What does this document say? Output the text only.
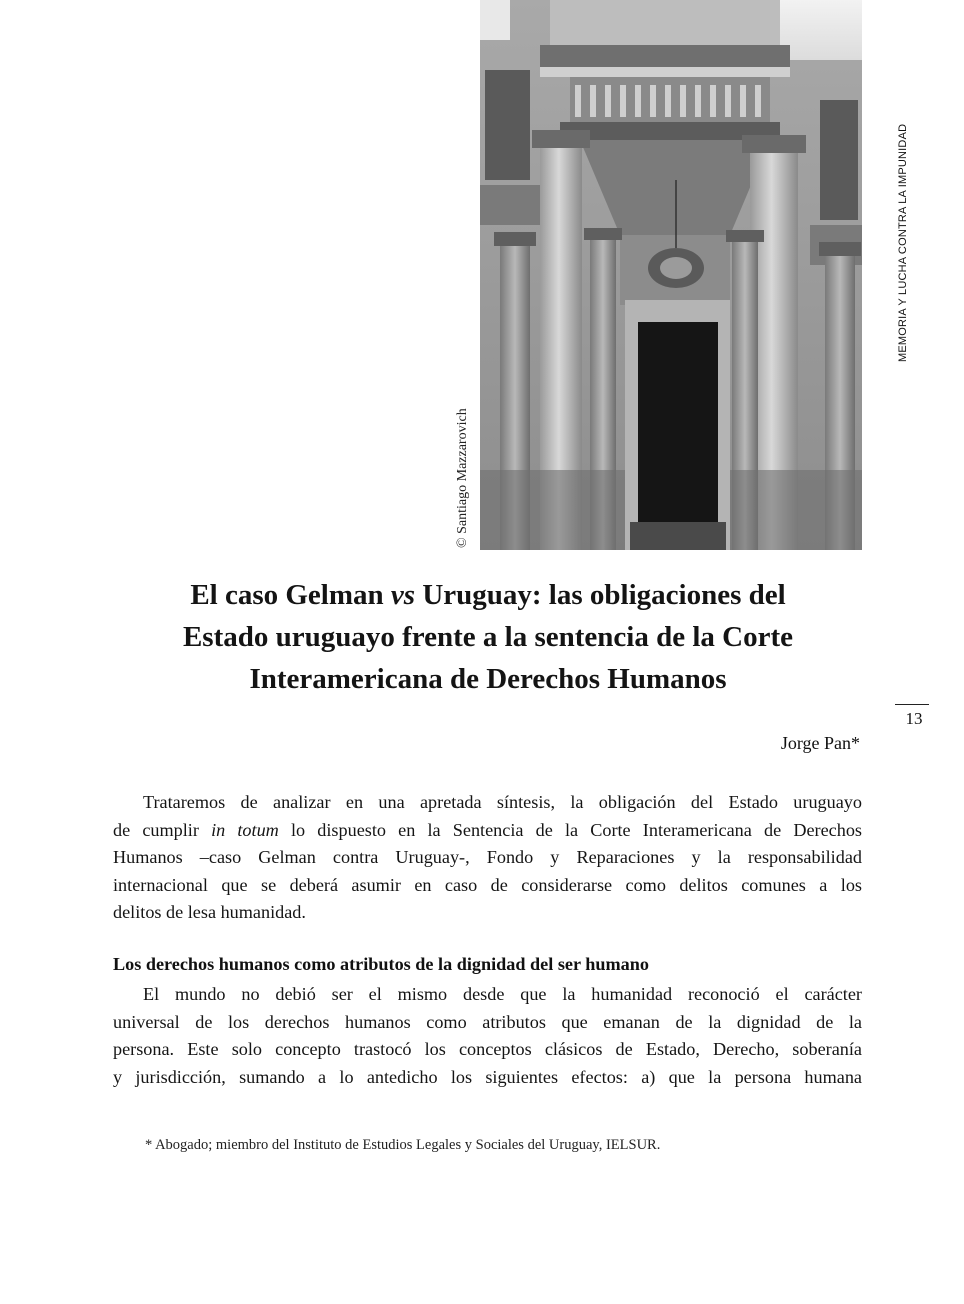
© Santiago Mazzarovich
MEMORIA Y LUCHA CONTRA LA IMPUNIDAD
13
El caso Gelman vs Uruguay: las obligaciones del
Estado uruguayo frente a la sentencia de la Corte
Interamericana de Derechos Humanos
Jorge Pan*
Trataremos de analizar en una apretada síntesis, la obligación del Estado uruguayo
de cumplir in totum lo dispuesto en la Sentencia de la Corte Interamericana de Derechos
Humanos –caso Gelman contra Uruguay-, Fondo y Reparaciones y la responsabilidad
internacional que se deberá asumir en caso de considerarse como delitos comunes a los
delitos de lesa humanidad.
Los derechos humanos como atributos de la dignidad del ser humano
El mundo no debió ser el mismo desde que la humanidad reconoció el carácter
universal de los derechos humanos como atributos que emanan de la dignidad de la
persona. Este solo concepto trastocó los conceptos clásicos de Estado, Derecho, soberanía
y jurisdicción, sumando a lo antedicho los siguientes efectos: a) que la persona humana
* Abogado; miembro del Instituto de Estudios Legales y Sociales del Uruguay, IELSUR.
